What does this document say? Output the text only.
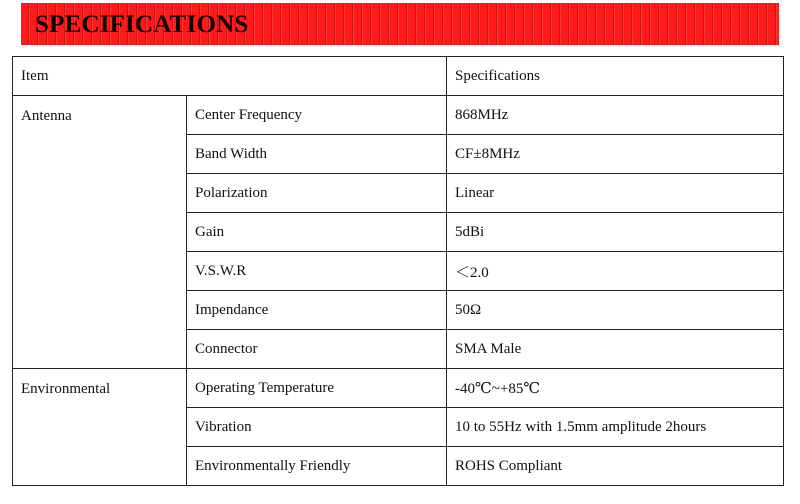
SPECIFICATIONS
Item		Specifications
Antenna	Center Frequency	868MHz
	Band Width	CF±8MHz
	Polarization	Linear
	Gain	5dBi
	V.S.W.R	＜2.0
	Impendance	50Ω
	Connector	SMA Male
Environmental	Operating Temperature	-40℃~+85℃
	Vibration	10 to 55Hz with 1.5mm amplitude 2hours
	Environmentally Friendly	ROHS Compliant
